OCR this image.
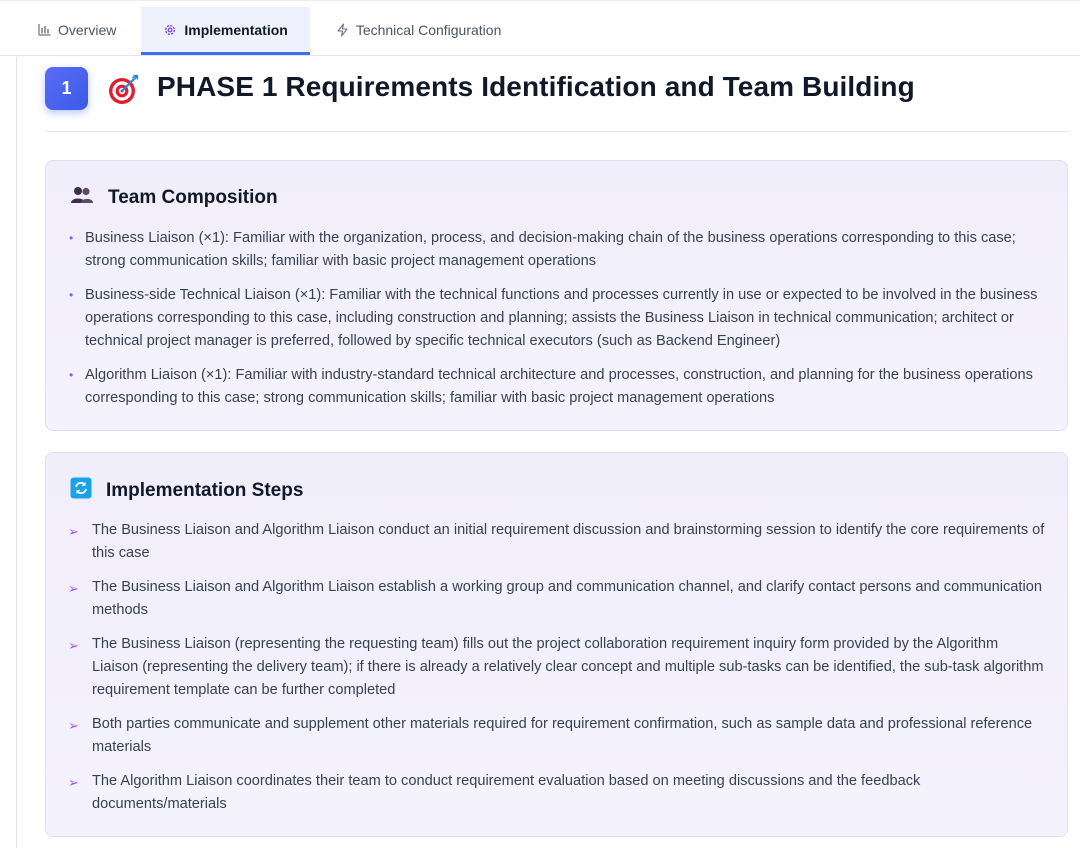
Overview	Implementation	Technical Configuration
1	PHASE 1 Requirements Identification and Team Building
Team Composition
• Business Liaison (×1): Familiar with the organization, process, and decision-making chain of the business operations corresponding to this case; strong communication skills; familiar with basic project management operations
• Business-side Technical Liaison (×1): Familiar with the technical functions and processes currently in use or expected to be involved in the business operations corresponding to this case, including construction and planning; assists the Business Liaison in technical communication; architect or technical project manager is preferred, followed by specific technical executors (such as Backend Engineer)
• Algorithm Liaison (×1): Familiar with industry-standard technical architecture and processes, construction, and planning for the business operations corresponding to this case; strong communication skills; familiar with basic project management operations
Implementation Steps
➢ The Business Liaison and Algorithm Liaison conduct an initial requirement discussion and brainstorming session to identify the core requirements of this case
➢ The Business Liaison and Algorithm Liaison establish a working group and communication channel, and clarify contact persons and communication methods
➢ The Business Liaison (representing the requesting team) fills out the project collaboration requirement inquiry form provided by the Algorithm Liaison (representing the delivery team); if there is already a relatively clear concept and multiple sub-tasks can be identified, the sub-task algorithm requirement template can be further completed
➢ Both parties communicate and supplement other materials required for requirement confirmation, such as sample data and professional reference materials
➢ The Algorithm Liaison coordinates their team to conduct requirement evaluation based on meeting discussions and the feedback documents/materials
